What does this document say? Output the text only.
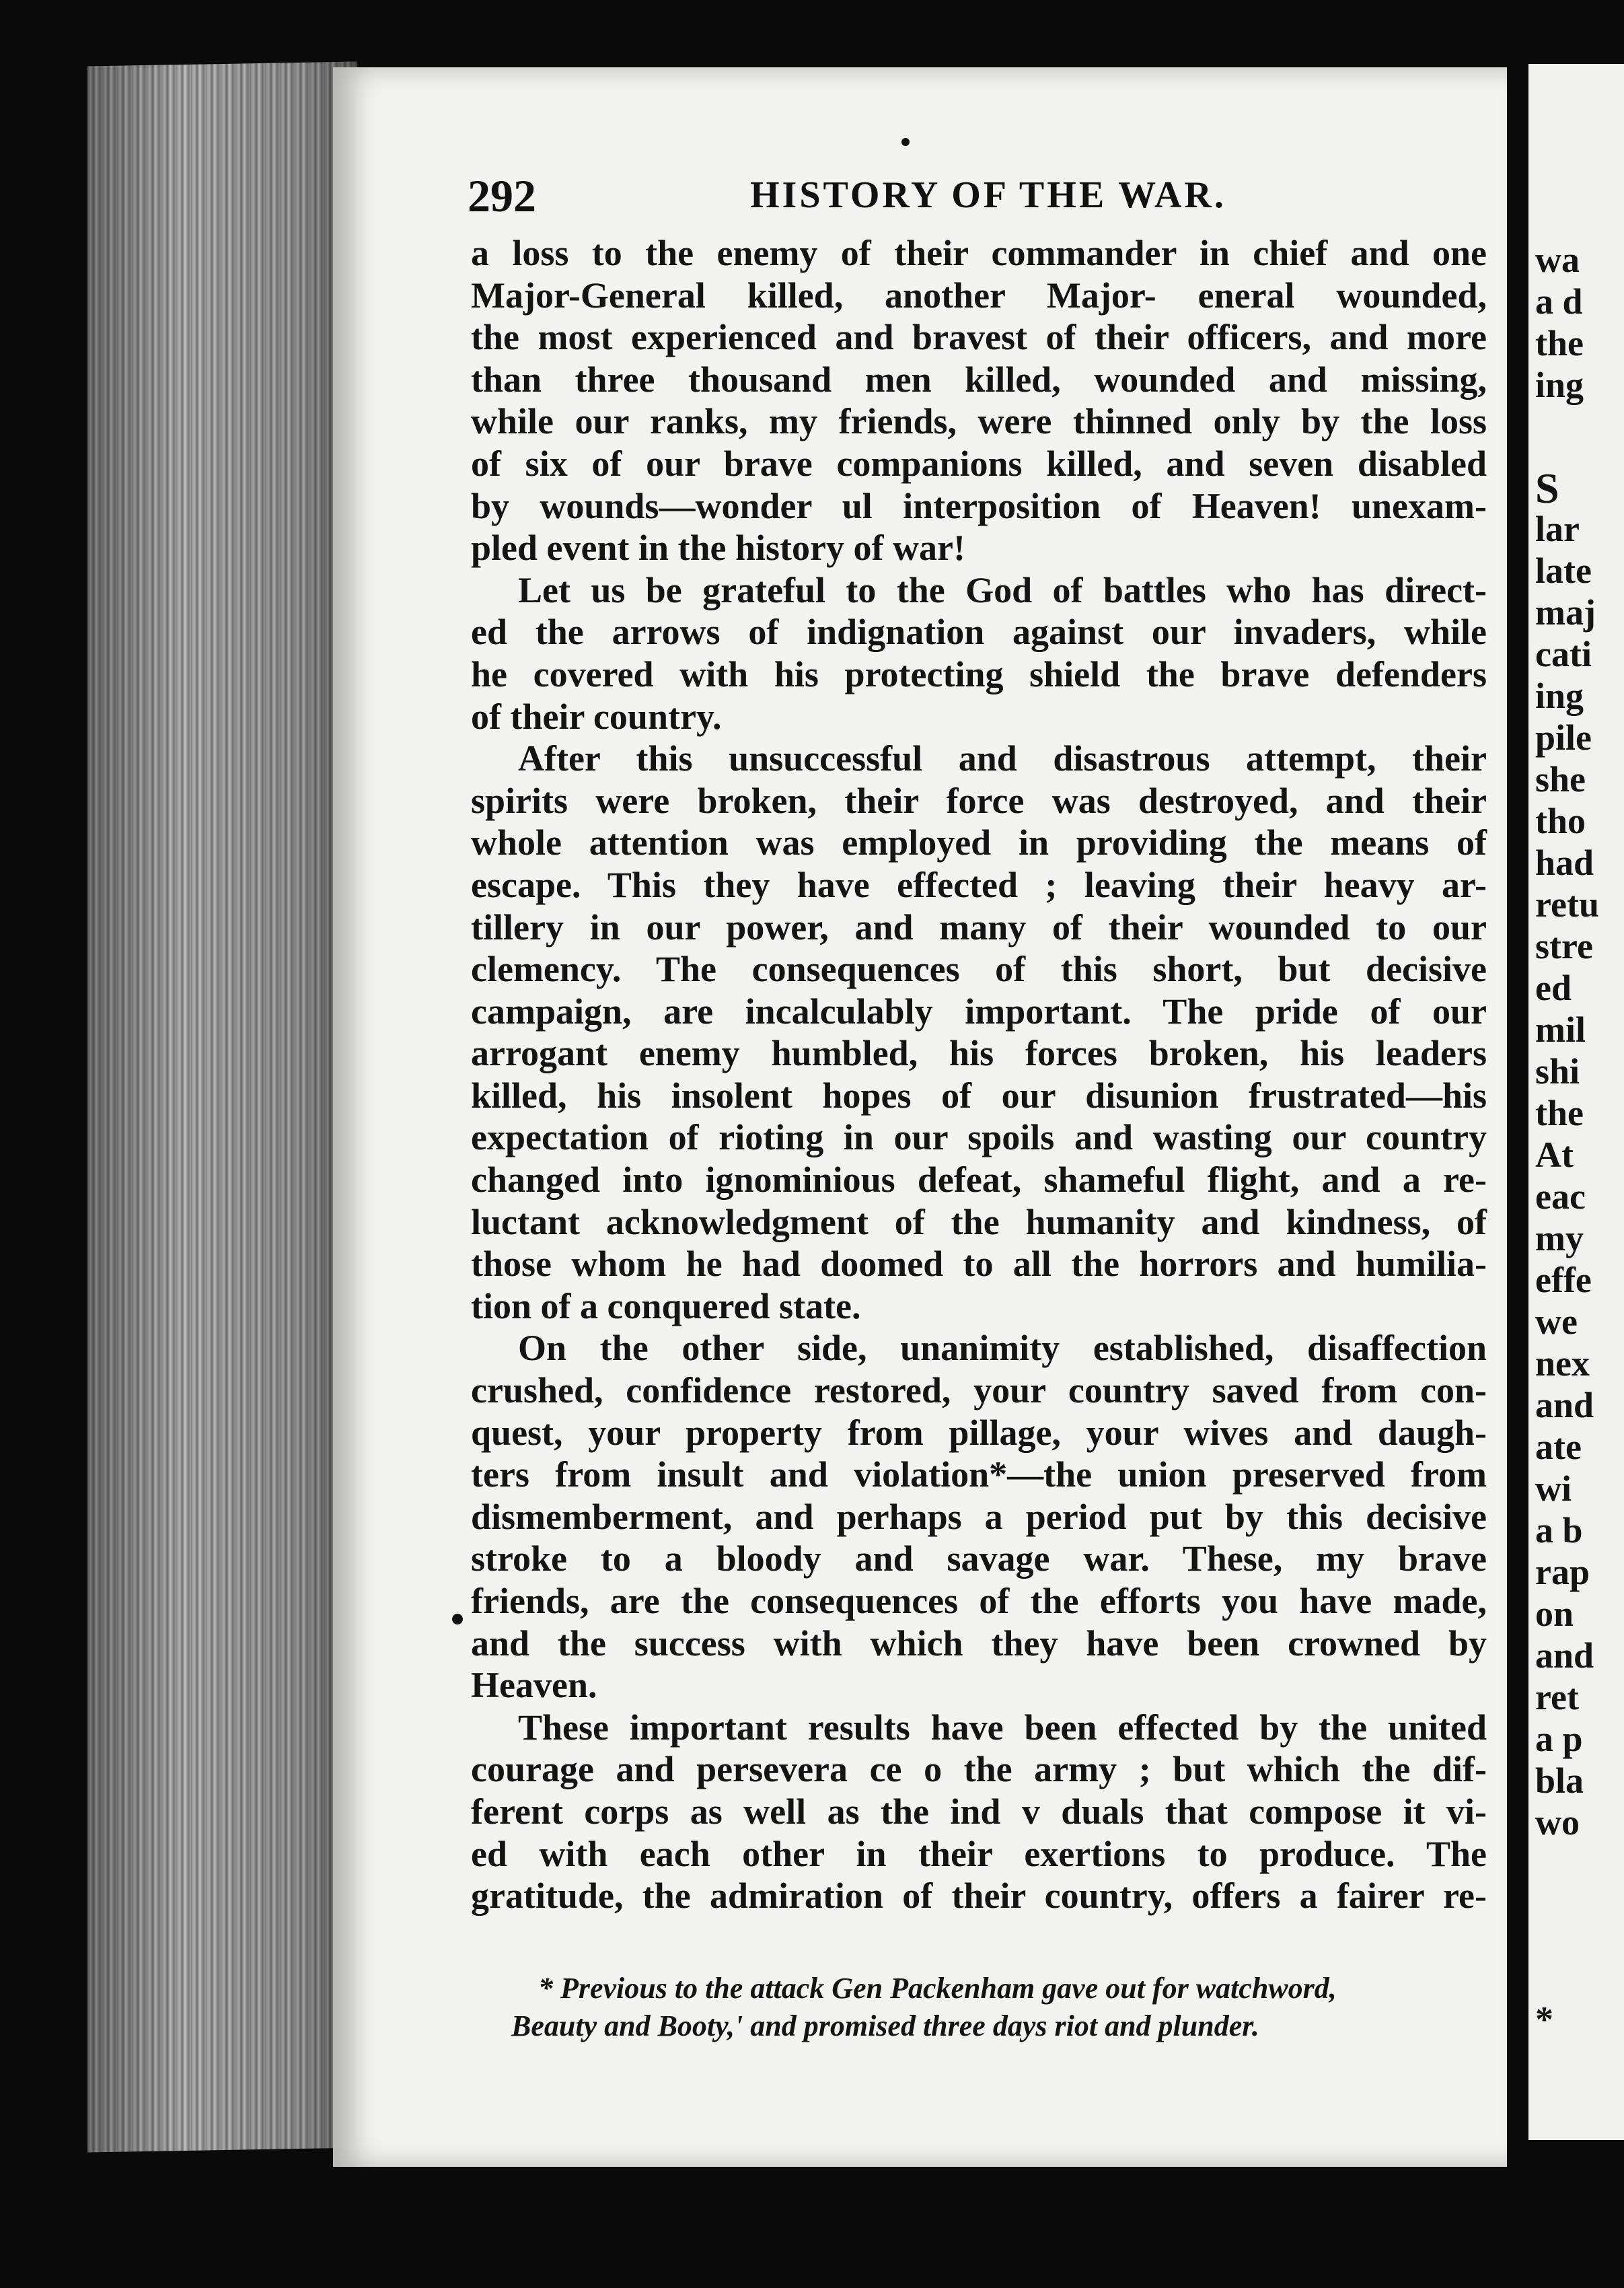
wa
a d
the
ing
S
lar
late
maj
cati
ing
pile
she
tho
had
retu
stre
ed
mil
shi
the
At
eac
my
effe
we
nex
and
ate
wi
a b
rap
on
and
ret
a p
bla
wo
*
292	HISTORY OF THE WAR.
a loss to the enemy of their commander in chief and one
Major-General killed, another Major- eneral wounded,
the most experienced and bravest of their officers, and more
than three thousand men killed, wounded and missing,
while our ranks, my friends, were thinned only by the loss
of six of our brave companions killed, and seven disabled
by wounds—wonder ul interposition of Heaven! unexam-
pled event in the history of war!
Let us be grateful to the God of battles who has direct-
ed the arrows of indignation against our invaders, while
he covered with his protecting shield the brave defenders
of their country.
After this unsuccessful and disastrous attempt, their
spirits were broken, their force was destroyed, and their
whole attention was employed in providing the means of
escape. This they have effected ; leaving their heavy ar-
tillery in our power, and many of their wounded to our
clemency. The consequences of this short, but decisive
campaign, are incalculably important. The pride of our
arrogant enemy humbled, his forces broken, his leaders
killed, his insolent hopes of our disunion frustrated—his
expectation of rioting in our spoils and wasting our country
changed into ignominious defeat, shameful flight, and a re-
luctant acknowledgment of the humanity and kindness, of
those whom he had doomed to all the horrors and humilia-
tion of a conquered state.
On the other side, unanimity established, disaffection
crushed, confidence restored, your country saved from con-
quest, your property from pillage, your wives and daugh-
ters from insult and violation*—the union preserved from
dismemberment, and perhaps a period put by this decisive
stroke to a bloody and savage war. These, my brave
friends, are the consequences of the efforts you have made,
and the success with which they have been crowned by
Heaven.
These important results have been effected by the united
courage and persevera ce o the army ; but which the dif-
ferent corps as well as the ind v duals that compose it vi-
ed with each other in their exertions to produce. The
gratitude, the admiration of their country, offers a fairer re-
* Previous to the attack Gen Packenham gave out for watchword,
Beauty and Booty,' and promised three days riot and plunder.
